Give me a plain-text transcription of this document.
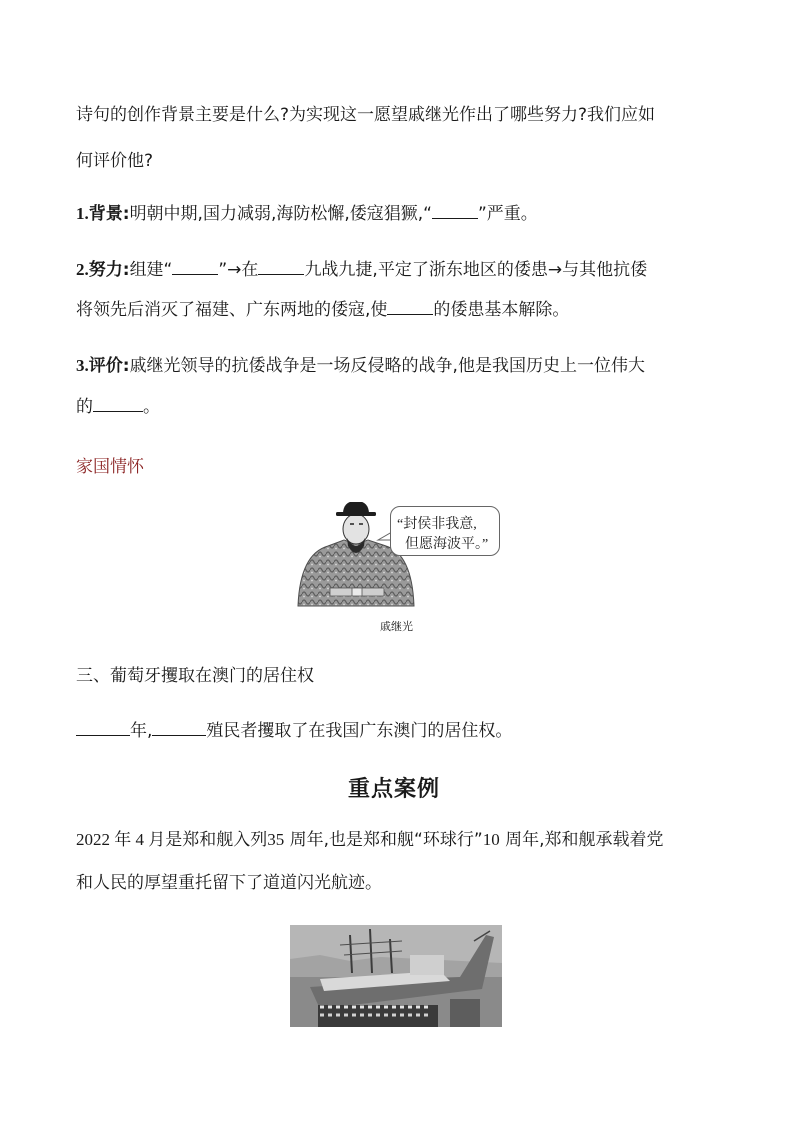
诗句的创作背景主要是什么?为实现这一愿望戚继光作出了哪些努力?我们应如
何评价他?
1.背景:明朝中期,国力减弱,海防松懈,倭寇猖獗,“	”严重。
2.努力:组建“	”→在	九战九捷,平定了浙东地区的倭患→与其他抗倭
将领先后消灭了福建、广东两地的倭寇,使	的倭患基本解除。
3.评价:戚继光领导的抗倭战争是一场反侵略的战争,他是我国历史上一位伟大
的	。
家国情怀
“封侯非我意,
但愿海波平。”
戚继光
三、葡萄牙攫取在澳门的居住权
年,	殖民者攫取了在我国广东澳门的居住权。
重点案例
2022 年 4 月是郑和舰入列35 周年,也是郑和舰“环球行”10 周年,郑和舰承载着党
和人民的厚望重托留下了道道闪光航迹。
